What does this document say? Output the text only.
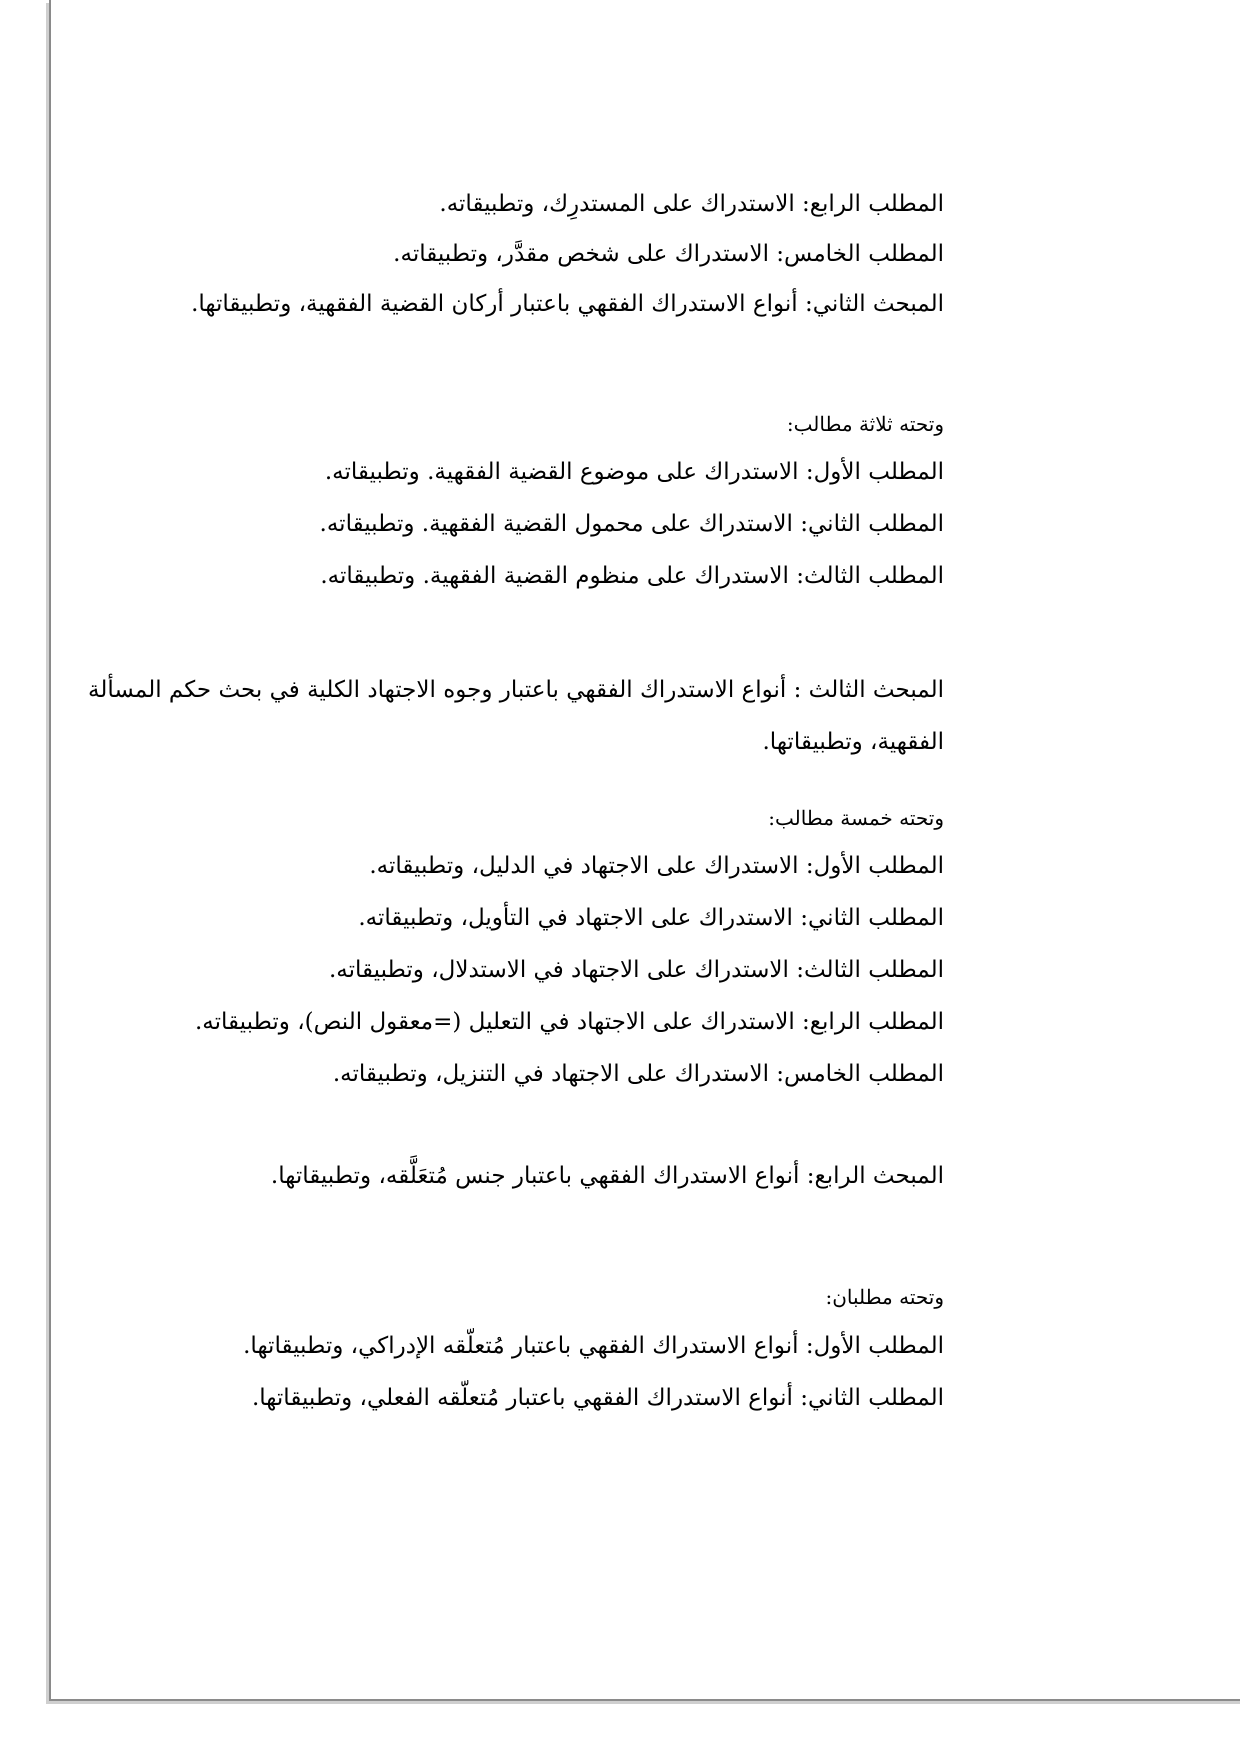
المطلب الرابع: الاستدراك على المستدرِك، وتطبيقاته.
المطلب الخامس: الاستدراك على شخص مقدَّر، وتطبيقاته.
المبحث الثاني: أنواع الاستدراك الفقهي باعتبار أركان القضية الفقهية، وتطبيقاتها.
وتحته ثلاثة مطالب:
المطلب الأول: الاستدراك على موضوع القضية الفقهية. وتطبيقاته.
المطلب الثاني: الاستدراك على محمول القضية الفقهية. وتطبيقاته.
المطلب الثالث: الاستدراك على منظوم القضية الفقهية. وتطبيقاته.
المبحث الثالث : أنواع الاستدراك الفقهي باعتبار وجوه الاجتهاد الكلية في بحث حكم المسألة الفقهية، وتطبيقاتها.
وتحته خمسة مطالب:
المطلب الأول: الاستدراك على الاجتهاد في الدليل، وتطبيقاته.
المطلب الثاني: الاستدراك على الاجتهاد في التأويل، وتطبيقاته.
المطلب الثالث: الاستدراك على الاجتهاد في الاستدلال، وتطبيقاته.
المطلب الرابع: الاستدراك على الاجتهاد في التعليل (=معقول النص)، وتطبيقاته.
المطلب الخامس: الاستدراك على الاجتهاد في التنزيل، وتطبيقاته.
المبحث الرابع: أنواع الاستدراك الفقهي باعتبار جنس مُتعَلَّقه، وتطبيقاتها.
وتحته مطلبان:
المطلب الأول: أنواع الاستدراك الفقهي باعتبار مُتعلّقه الإدراكي، وتطبيقاتها.
المطلب الثاني: أنواع الاستدراك الفقهي باعتبار مُتعلّقه الفعلي، وتطبيقاتها.
